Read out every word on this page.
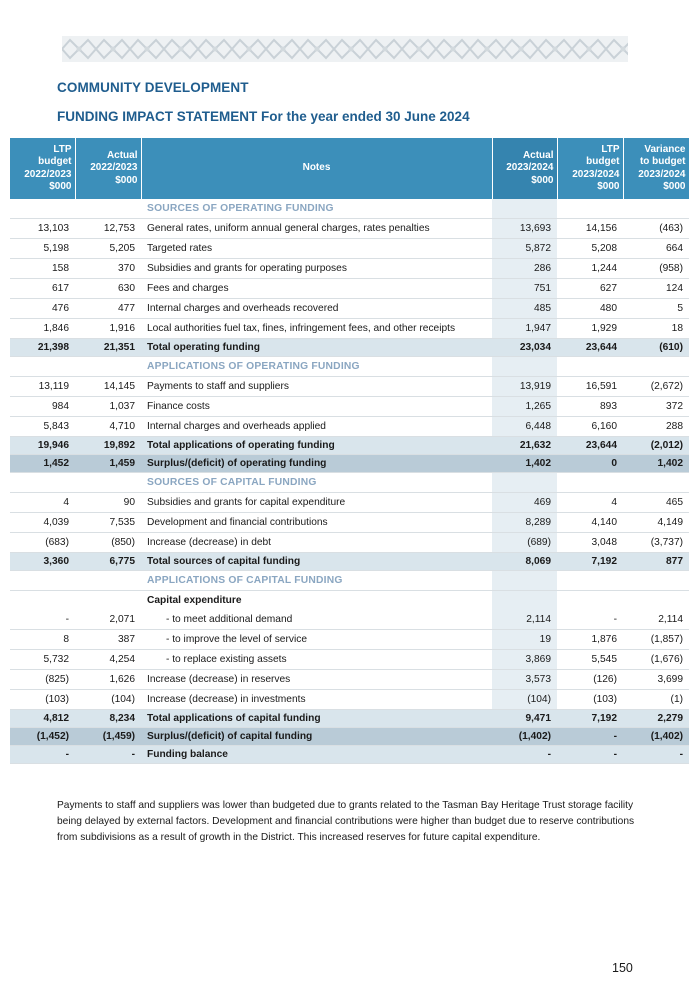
COMMUNITY DEVELOPMENT
FUNDING IMPACT STATEMENT For the year ended 30 June 2024
LTP
budget
2022/2023
$000	Actual
2022/2023
$000	Notes	Actual
2023/2024
$000	LTP
budget
2023/2024
$000	Variance
to budget
2023/2024
$000
		SOURCES OF OPERATING FUNDING			
13,103	12,753	General rates, uniform annual general charges, rates penalties	13,693	14,156	(463)
5,198	5,205	Targeted rates	5,872	5,208	664
158	370	Subsidies and grants for operating purposes	286	1,244	(958)
617	630	Fees and charges	751	627	124
476	477	Internal charges and overheads recovered	485	480	5
1,846	1,916	Local authorities fuel tax, fines, infringement fees, and other receipts	1,947	1,929	18
21,398	21,351	Total operating funding	23,034	23,644	(610)
		APPLICATIONS OF OPERATING FUNDING			
13,119	14,145	Payments to staff and suppliers	13,919	16,591	(2,672)
984	1,037	Finance costs	1,265	893	372
5,843	4,710	Internal charges and overheads applied	6,448	6,160	288
19,946	19,892	Total applications of operating funding	21,632	23,644	(2,012)
1,452	1,459	Surplus/(deficit) of operating funding	1,402	0	1,402
		SOURCES OF CAPITAL FUNDING			
4	90	Subsidies and grants for capital expenditure	469	4	465
4,039	7,535	Development and financial contributions	8,289	4,140	4,149
(683)	(850)	Increase (decrease) in debt	(689)	3,048	(3,737)
3,360	6,775	Total sources of capital funding	8,069	7,192	877
		APPLICATIONS OF CAPITAL FUNDING			
		Capital expenditure			
-	2,071	- to meet additional demand	2,114	-	2,114
8	387	- to improve the level of service	19	1,876	(1,857)
5,732	4,254	- to replace existing assets	3,869	5,545	(1,676)
(825)	1,626	Increase (decrease) in reserves	3,573	(126)	3,699
(103)	(104)	Increase (decrease) in investments	(104)	(103)	(1)
4,812	8,234	Total applications of capital funding	9,471	7,192	2,279
(1,452)	(1,459)	Surplus/(deficit) of capital funding	(1,402)	-	(1,402)
-	-	Funding balance	-	-	-
Payments to staff and suppliers was lower than budgeted due to grants related to the Tasman Bay Heritage Trust storage facility being delayed by external factors. Development and financial contributions were higher than budget due to reserve contributions from subdivisions as a result of growth in the District. This increased reserves for future capital expenditure.
150
